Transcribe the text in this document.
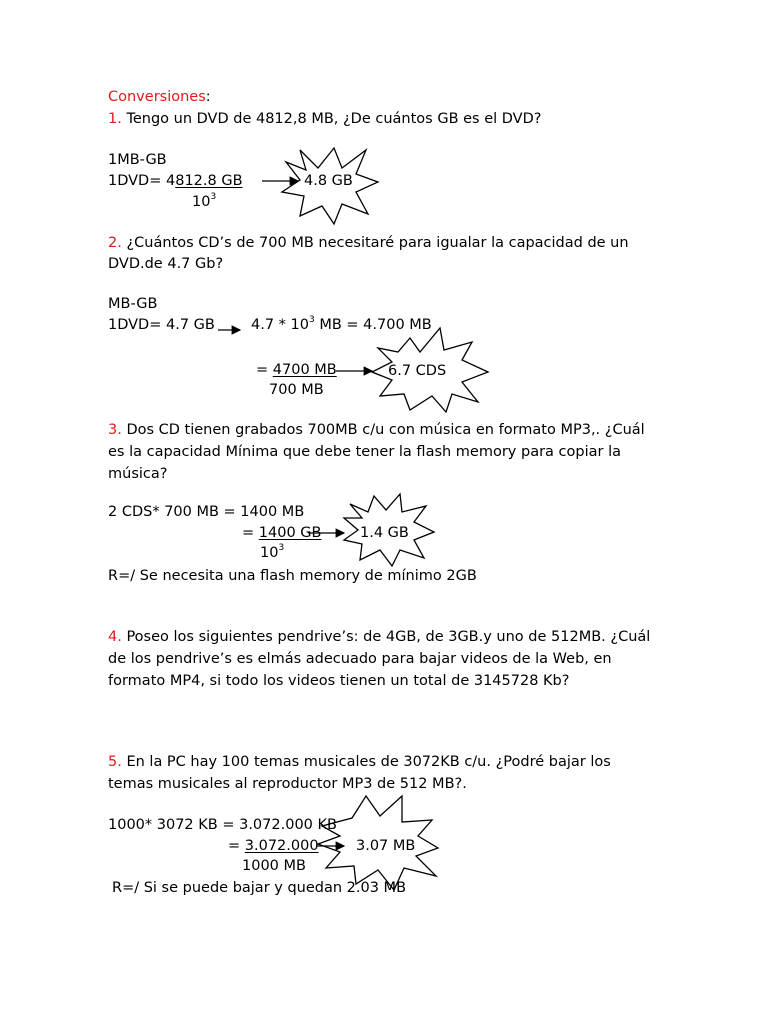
Conversiones:
1. Tengo un DVD de 4812,8 MB, ¿De cuántos GB es el DVD?
1MB-GB
1DVD= 4812.8 GB
$10^3$
4.8 GB
2. ¿Cuántos CD’s de 700 MB necesitaré para igualar la capacidad de un
DVD.de 4.7 Gb?
MB-GB
1DVD= 4.7 GB $4.7 * 10^3$ MB = 4.700 MB
= 4700 MB
700 MB
6.7 CDS
3. Dos CD tienen grabados 700MB c/u con música en formato MP3,. ¿Cuál
es la capacidad Mínima que debe tener la flash memory para copiar la
música?
2 CDS* 700 MB = 1400 MB
= 1400 GB
$10^3$
1.4 GB
R=/ Se necesita una flash memory de mínimo 2GB
4. Poseo los siguientes pendrive’s: de 4GB, de 3GB.y uno de 512MB. ¿Cuál
de los pendrive’s es elmás adecuado para bajar videos de la Web, en
formato MP4, si todo los videos tienen un total de 3145728 Kb?
5. En la PC hay 100 temas musicales de 3072KB c/u. ¿Podré bajar los
temas musicales al reproductor MP3 de 512 MB?.
1000* 3072 KB = 3.072.000 KB
= 3.072.000
1000 MB
3.07 MB
R=/ Si se puede bajar y quedan 2.03 MB
